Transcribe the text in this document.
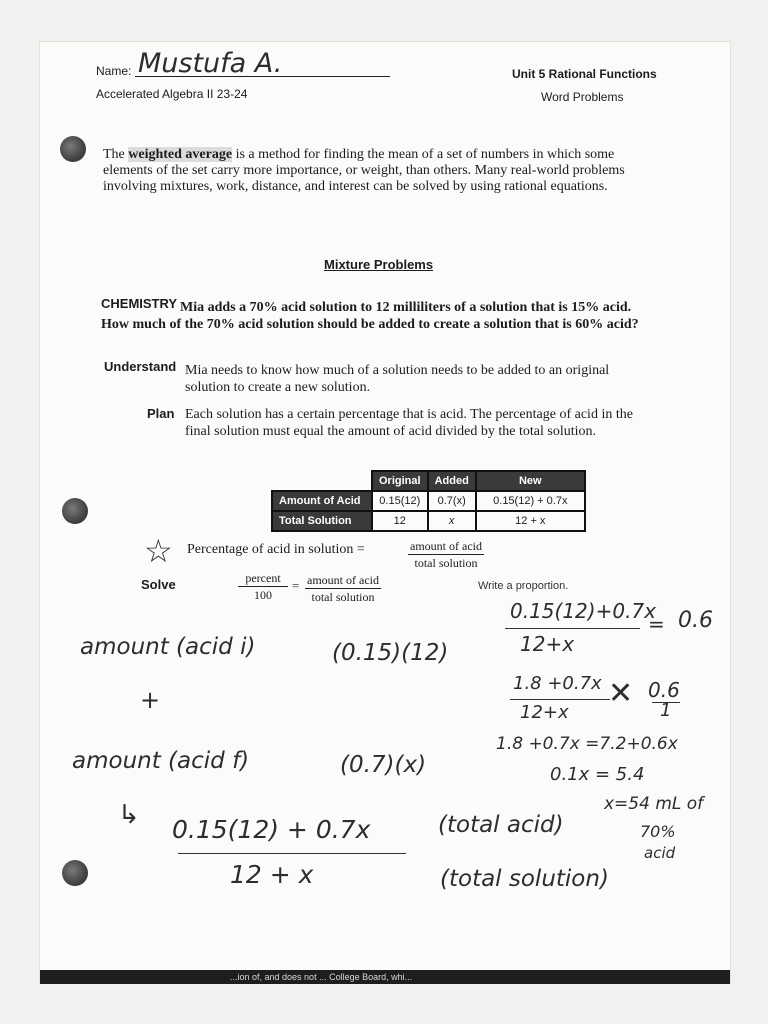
Name: Mustufa A.
Accelerated Algebra II 23-24
Unit 5 Rational Functions
Word Problems
The weighted average is a method for finding the mean of a set of numbers in which some elements of the set carry more importance, or weight, than others. Many real-world problems involving mixtures, work, distance, and interest can be solved by using rational equations.
Mixture Problems
Mia adds a 70% acid solution to 12 milliliters of a solution that is 15% acid. How much of the 70% acid solution should be added to create a solution that is 60% acid?
CHEMISTRY
Understand Mia needs to know how much of a solution needs to be added to an original solution to create a new solution.
Plan Each solution has a certain percentage that is acid. The percentage of acid in the final solution must equal the amount of acid divided by the total solution.
	Original	Added	New
Amount of Acid	0.15(12)	0.7(x)	0.15(12) + 0.7x
Total Solution	12	x	12 + x
☆ Percentage of acid in solution =	amount of acid
total solution
Solve	percent
100
= amount of acid
total solution
Write a proportion.
amount (acid i)	(0.15)(12)
+
amount (acid f)	(0.7)(x)
↳ 0.15(12) + 0.7x
12 + x
(total acid)
(total solution)
0.15(12)+0.7x
12+x
= 0.6
1.8 +0.7x
12+x
✕ 0.6
1
1.8 +0.7x =7.2+0.6x
0.1x = 5.4
x=54 mL of
70%
acid
...ion of, and does not ... College Board, whi...
